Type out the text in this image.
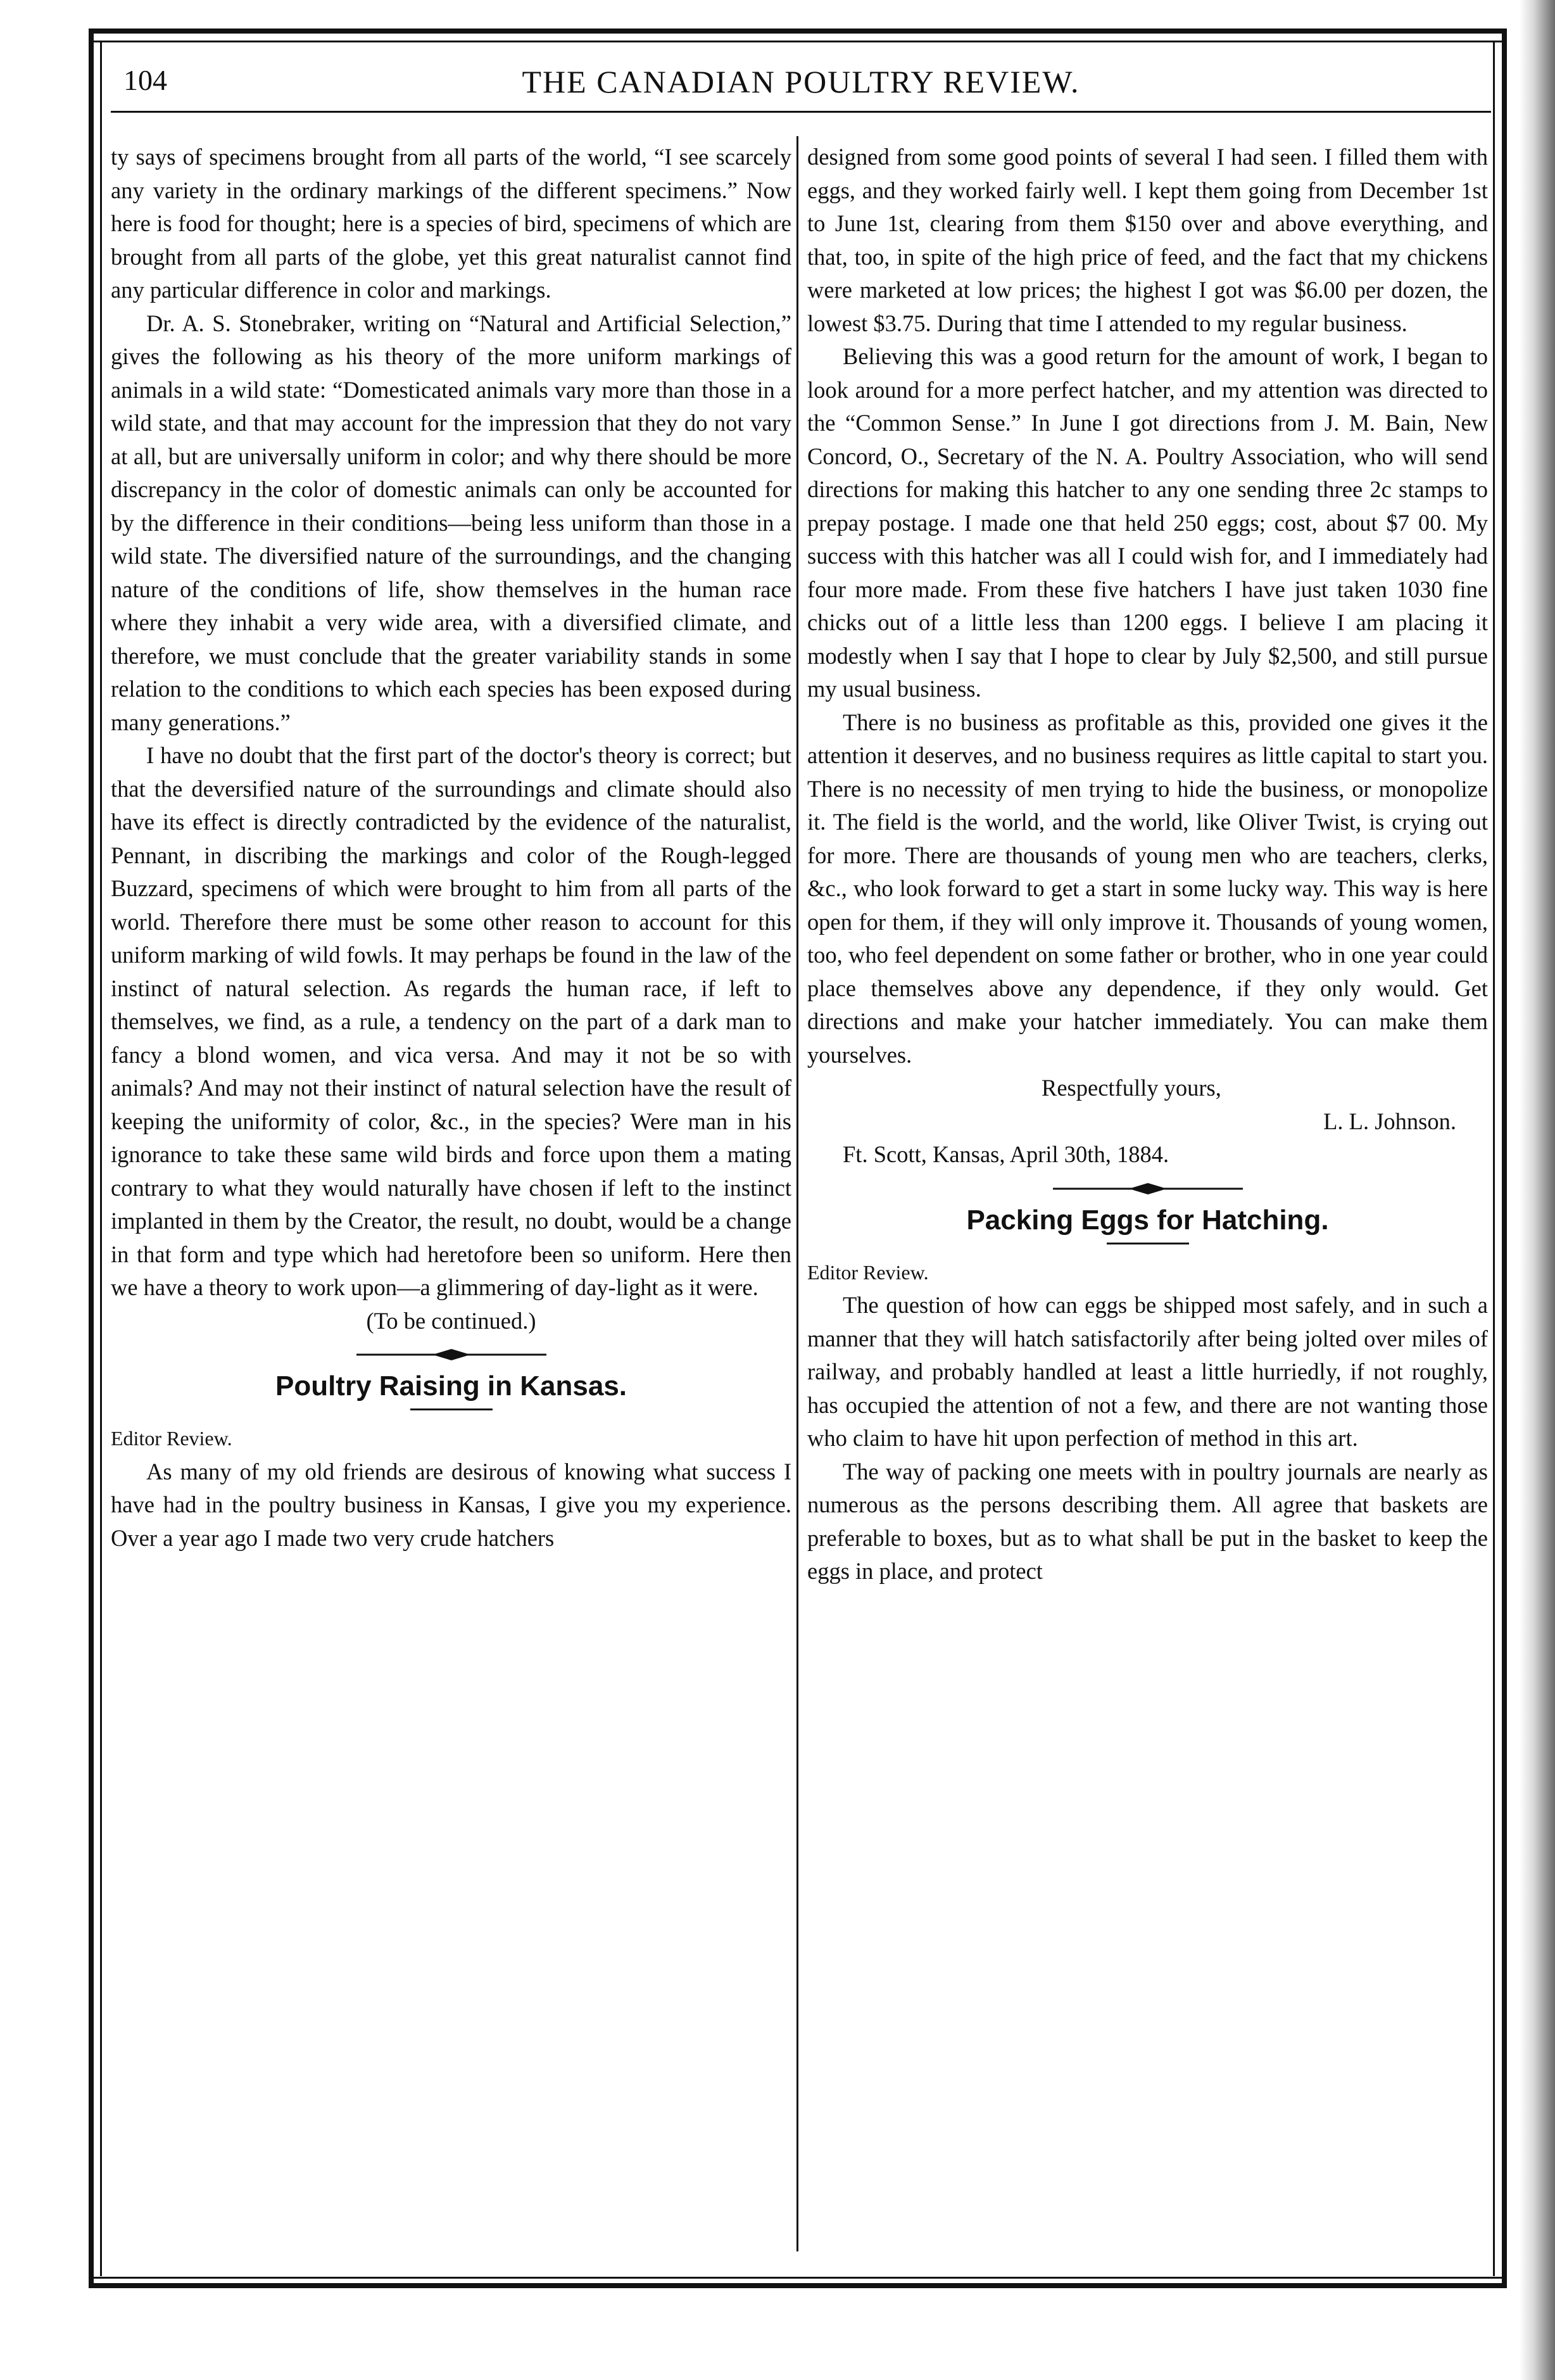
104	THE CANADIAN POULTRY REVIEW.

ty says of specimens brought from all parts of the world, “I see scarcely any variety in the ordinary markings of the different specimens.” Now here is food for thought; here is a species of bird, specimens of which are brought from all parts of the globe, yet this great naturalist cannot find any particular difference in color and markings.

Dr. A. S. Stonebraker, writing on “Natural and Artificial Selection,” gives the following as his theory of the more uniform markings of animals in a wild state: “Domesticated animals vary more than those in a wild state, and that may account for the impression that they do not vary at all, but are universally uniform in color; and why there should be more discrepancy in the color of domestic animals can only be accounted for by the difference in their conditions—being less uniform than those in a wild state. The diversified nature of the surroundings, and the changing nature of the conditions of life, show themselves in the human race where they inhabit a very wide area, with a diversified climate, and therefore, we must conclude that the greater variability stands in some relation to the conditions to which each species has been exposed during many generations.”

I have no doubt that the first part of the doctor's theory is correct; but that the deversified nature of the surroundings and climate should also have its effect is directly contradicted by the evidence of the naturalist, Pennant, in discribing the markings and color of the Rough-legged Buzzard, specimens of which were brought to him from all parts of the world. Therefore there must be some other reason to account for this uniform marking of wild fowls. It may perhaps be found in the law of the instinct of natural selection. As regards the human race, if left to themselves, we find, as a rule, a tendency on the part of a dark man to fancy a blond women, and vica versa. And may it not be so with animals? And may not their instinct of natural selection have the result of keeping the uniformity of color, &c., in the species? Were man in his ignorance to take these same wild birds and force upon them a mating contrary to what they would naturally have chosen if left to the instinct implanted in them by the Creator, the result, no doubt, would be a change in that form and type which had heretofore been so uniform. Here then we have a theory to work upon—a glimmering of day-light as it were.

(To be continued.)

Poultry Raising in Kansas.

Editor Review.

As many of my old friends are desirous of knowing what success I have had in the poultry business in Kansas, I give you my experience. Over a year ago I made two very crude hatchers

designed from some good points of several I had seen. I filled them with eggs, and they worked fairly well. I kept them going from December 1st to June 1st, clearing from them $150 over and above everything, and that, too, in spite of the high price of feed, and the fact that my chickens were marketed at low prices; the highest I got was $6.00 per dozen, the lowest $3.75. During that time I attended to my regular business.

Believing this was a good return for the amount of work, I began to look around for a more perfect hatcher, and my attention was directed to the “Common Sense.” In June I got directions from J. M. Bain, New Concord, O., Secretary of the N. A. Poultry Association, who will send directions for making this hatcher to any one sending three 2c stamps to prepay postage. I made one that held 250 eggs; cost, about $7 00. My success with this hatcher was all I could wish for, and I immediately had four more made. From these five hatchers I have just taken 1030 fine chicks out of a little less than 1200 eggs. I believe I am placing it modestly when I say that I hope to clear by July $2,500, and still pursue my usual business.

There is no business as profitable as this, provided one gives it the attention it deserves, and no business requires as little capital to start you. There is no necessity of men trying to hide the business, or monopolize it. The field is the world, and the world, like Oliver Twist, is crying out for more. There are thousands of young men who are teachers, clerks, &c., who look forward to get a start in some lucky way. This way is here open for them, if they will only improve it. Thousands of young women, too, who feel dependent on some father or brother, who in one year could place themselves above any dependence, if they only would. Get directions and make your hatcher immediately. You can make them yourselves.

Respectfully yours,

L. L. Johnson.

Ft. Scott, Kansas, April 30th, 1884.

Packing Eggs for Hatching.

Editor Review.

The question of how can eggs be shipped most safely, and in such a manner that they will hatch satisfactorily after being jolted over miles of railway, and probably handled at least a little hurriedly, if not roughly, has occupied the attention of not a few, and there are not wanting those who claim to have hit upon perfection of method in this art.

The way of packing one meets with in poultry journals are nearly as numerous as the persons describing them. All agree that baskets are preferable to boxes, but as to what shall be put in the basket to keep the eggs in place, and protect
